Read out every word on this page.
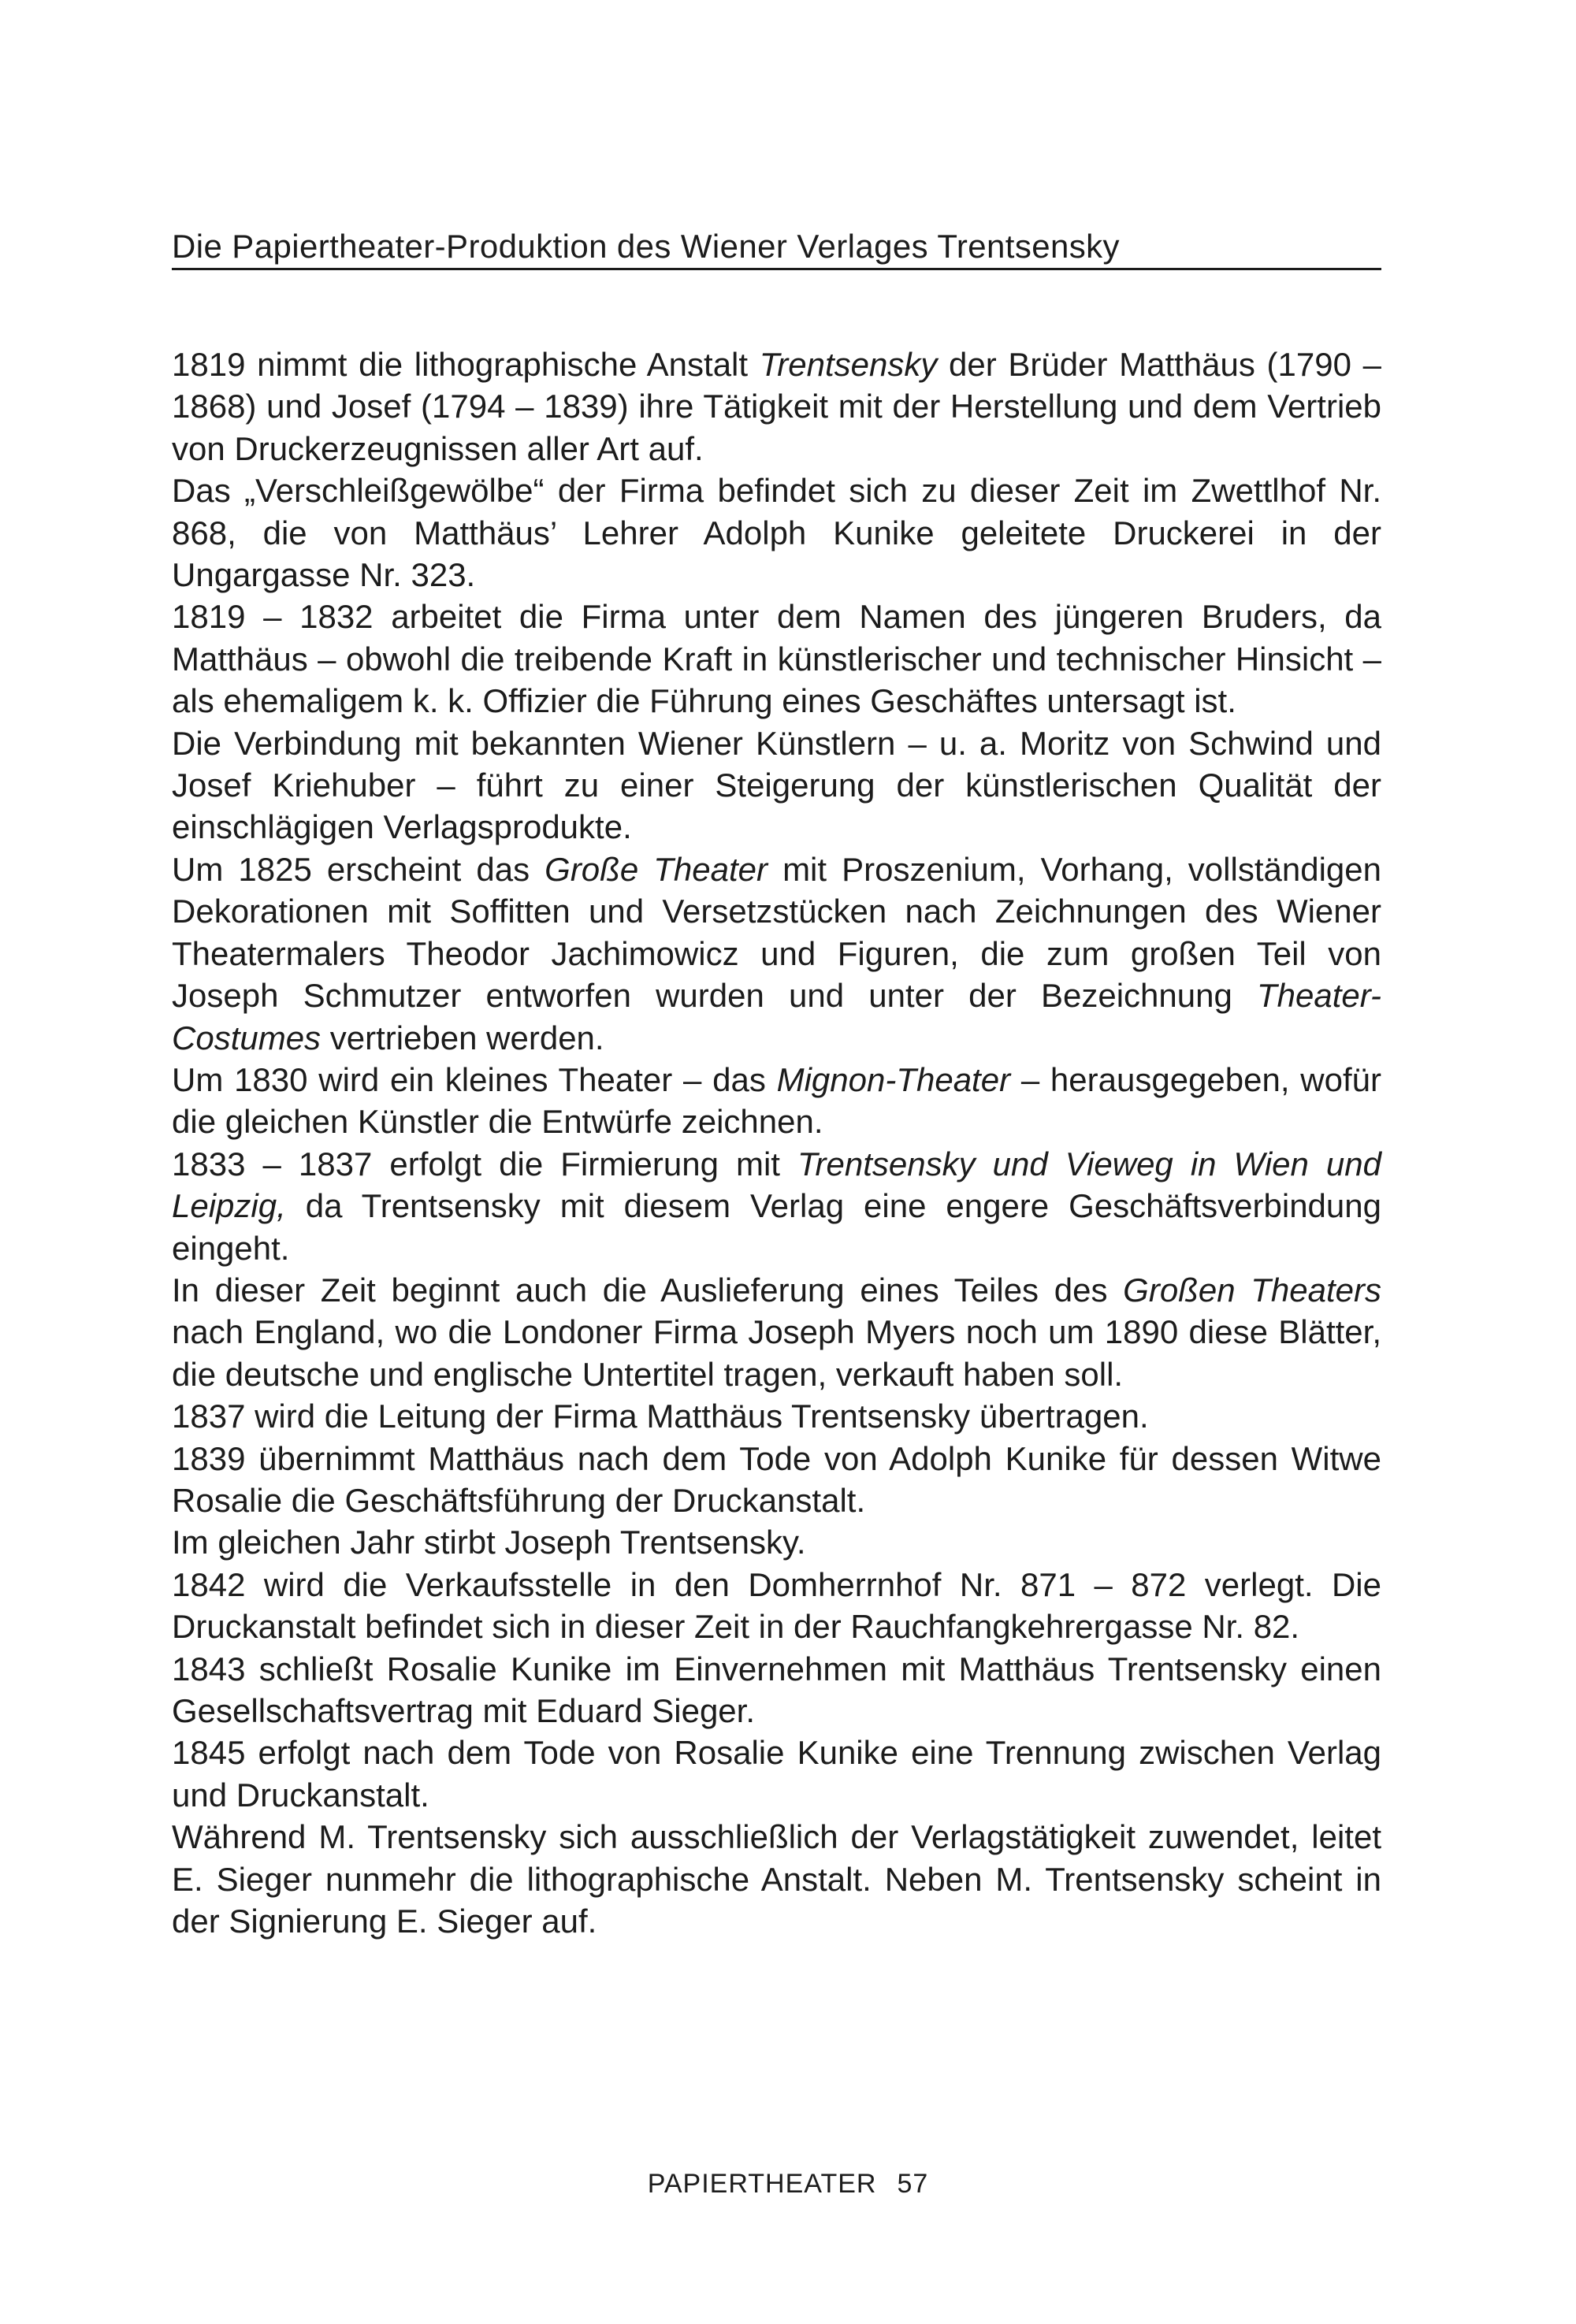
Die Papiertheater-Produktion des Wiener Verlages Trentsensky

1819 nimmt die lithographische Anstalt Trentsensky der Brüder Matthäus (1790 – 1868) und Josef (1794 – 1839) ihre Tätigkeit mit der Herstellung und dem Vertrieb von Druckerzeugnissen aller Art auf.

Das „Verschleißgewölbe“ der Firma befindet sich zu dieser Zeit im Zwettlhof Nr. 868, die von Matthäus’ Lehrer Adolph Kunike geleitete Druckerei in der Ungargasse Nr. 323.

1819 – 1832 arbeitet die Firma unter dem Namen des jüngeren Bruders, da Matthäus – obwohl die treibende Kraft in künstlerischer und technischer Hinsicht – als ehemaligem k. k. Offizier die Führung eines Geschäftes untersagt ist.

Die Verbindung mit bekannten Wiener Künstlern – u. a. Moritz von Schwind und Josef Kriehuber – führt zu einer Steigerung der künstlerischen Qualität der einschlägigen Verlagsprodukte.

Um 1825 erscheint das Große Theater mit Proszenium, Vorhang, vollständigen Dekorationen mit Soffitten und Versetzstücken nach Zeichnungen des Wiener Theatermalers Theodor Jachimowicz und Figuren, die zum großen Teil von Joseph Schmutzer entworfen wurden und unter der Bezeichnung Theater-Costumes vertrieben werden.

Um 1830 wird ein kleines Theater – das Mignon-Theater – herausgegeben, wofür die gleichen Künstler die Entwürfe zeichnen.

1833 – 1837 erfolgt die Firmierung mit Trentsensky und Vieweg in Wien und Leipzig, da Trentsensky mit diesem Verlag eine engere Geschäftsverbindung eingeht.

In dieser Zeit beginnt auch die Auslieferung eines Teiles des Großen Theaters nach England, wo die Londoner Firma Joseph Myers noch um 1890 diese Blätter, die deutsche und englische Untertitel tragen, verkauft haben soll.

1837 wird die Leitung der Firma Matthäus Trentsensky übertragen.

1839 übernimmt Matthäus nach dem Tode von Adolph Kunike für dessen Witwe Rosalie die Geschäftsführung der Druckanstalt.

Im gleichen Jahr stirbt Joseph Trentsensky.

1842 wird die Verkaufsstelle in den Domherrnhof Nr. 871 – 872 verlegt. Die Druckanstalt befindet sich in dieser Zeit in der Rauchfangkehrergasse Nr. 82.

1843 schließt Rosalie Kunike im Einvernehmen mit Matthäus Trentsensky einen Gesellschaftsvertrag mit Eduard Sieger.

1845 erfolgt nach dem Tode von Rosalie Kunike eine Trennung zwischen Verlag und Druckanstalt.

Während M. Trentsensky sich ausschließlich der Verlagstätigkeit zuwendet, leitet E. Sieger nunmehr die lithographische Anstalt. Neben M. Trentsensky scheint in der Signierung E. Sieger auf.

PAPIERTHEATER 57
